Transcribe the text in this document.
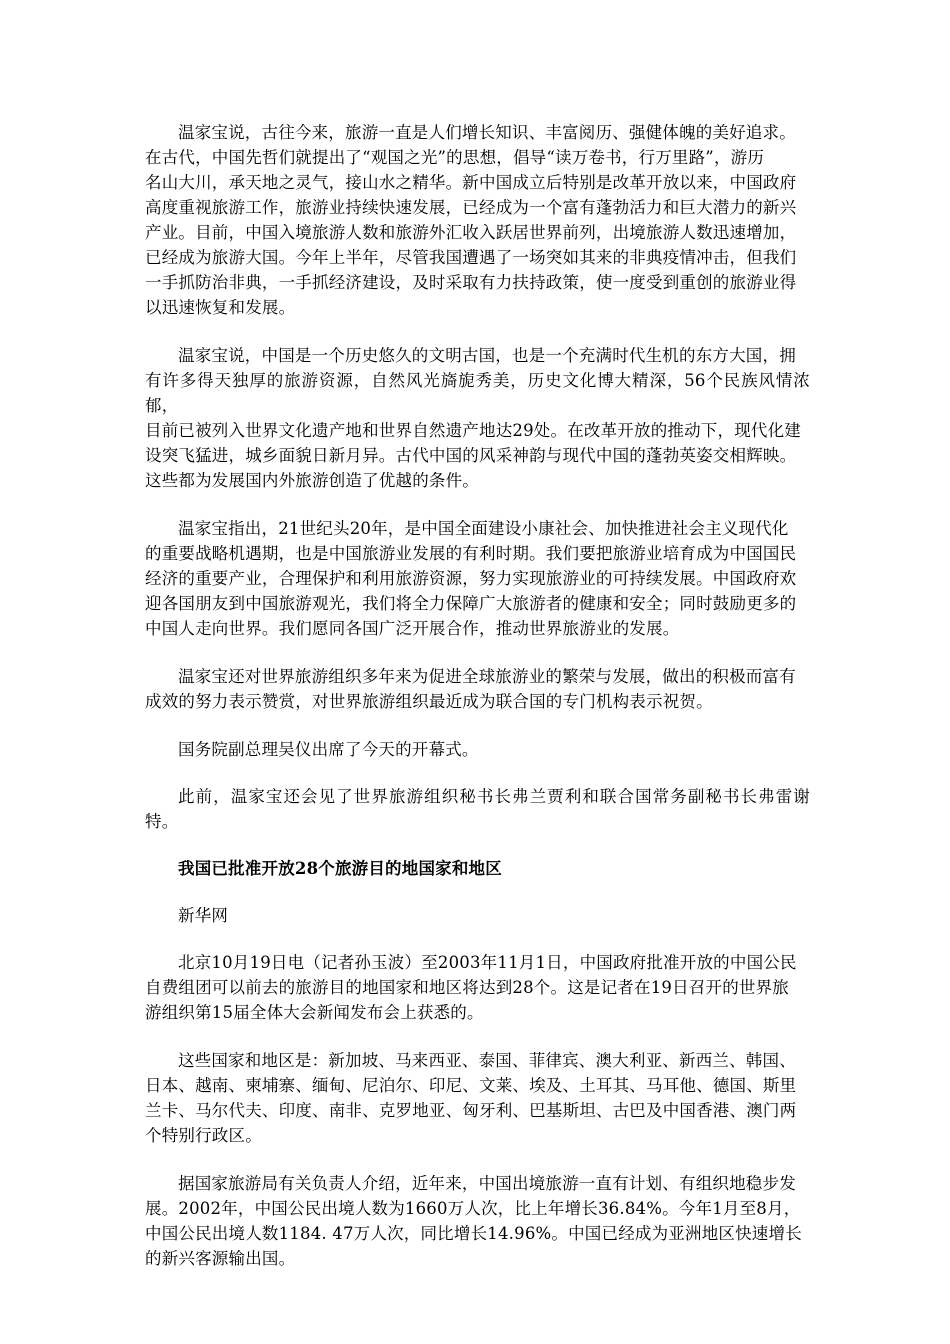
温家宝说，古往今来，旅游一直是人们增长知识、丰富阅历、强健体魄的美好追求。
在古代，中国先哲们就提出了“观国之光”的思想，倡导“读万卷书，行万里路”，游历
名山大川，承天地之灵气，接山水之精华。新中国成立后特别是改革开放以来，中国政府
高度重视旅游工作，旅游业持续快速发展，已经成为一个富有蓬勃活力和巨大潜力的新兴
产业。目前，中国入境旅游人数和旅游外汇收入跃居世界前列，出境旅游人数迅速增加，
已经成为旅游大国。今年上半年，尽管我国遭遇了一场突如其来的非典疫情冲击，但我们
一手抓防治非典，一手抓经济建设，及时采取有力扶持政策，使一度受到重创的旅游业得
以迅速恢复和发展。

温家宝说，中国是一个历史悠久的文明古国，也是一个充满时代生机的东方大国，拥
有许多得天独厚的旅游资源，自然风光旖旎秀美，历史文化博大精深，56个民族风情浓郁，
目前已被列入世界文化遗产地和世界自然遗产地达29处。在改革开放的推动下，现代化建
设突飞猛进，城乡面貌日新月异。古代中国的风采神韵与现代中国的蓬勃英姿交相辉映。
这些都为发展国内外旅游创造了优越的条件。

温家宝指出，21世纪头20年，是中国全面建设小康社会、加快推进社会主义现代化
的重要战略机遇期，也是中国旅游业发展的有利时期。我们要把旅游业培育成为中国国民
经济的重要产业，合理保护和利用旅游资源，努力实现旅游业的可持续发展。中国政府欢
迎各国朋友到中国旅游观光，我们将全力保障广大旅游者的健康和安全；同时鼓励更多的
中国人走向世界。我们愿同各国广泛开展合作，推动世界旅游业的发展。

温家宝还对世界旅游组织多年来为促进全球旅游业的繁荣与发展，做出的积极而富有
成效的努力表示赞赏，对世界旅游组织最近成为联合国的专门机构表示祝贺。

国务院副总理吴仪出席了今天的开幕式。

此前，温家宝还会见了世界旅游组织秘书长弗兰贾利和联合国常务副秘书长弗雷谢特。

我国已批准开放28个旅游目的地国家和地区

新华网

北京10月19日电（记者孙玉波）至2003年11月1日，中国政府批准开放的中国公民
自费组团可以前去的旅游目的地国家和地区将达到28个。这是记者在19日召开的世界旅
游组织第15届全体大会新闻发布会上获悉的。

这些国家和地区是：新加坡、马来西亚、泰国、菲律宾、澳大利亚、新西兰、韩国、
日本、越南、柬埔寨、缅甸、尼泊尔、印尼、文莱、埃及、土耳其、马耳他、德国、斯里
兰卡、马尔代夫、印度、南非、克罗地亚、匈牙利、巴基斯坦、古巴及中国香港、澳门两
个特别行政区。

据国家旅游局有关负责人介绍，近年来，中国出境旅游一直有计划、有组织地稳步发
展。2002年，中国公民出境人数为1660万人次，比上年增长36.84%。今年1月至8月，
中国公民出境人数1184. 47万人次，同比增长14.96%。中国已经成为亚洲地区快速增长
的新兴客源输出国。
